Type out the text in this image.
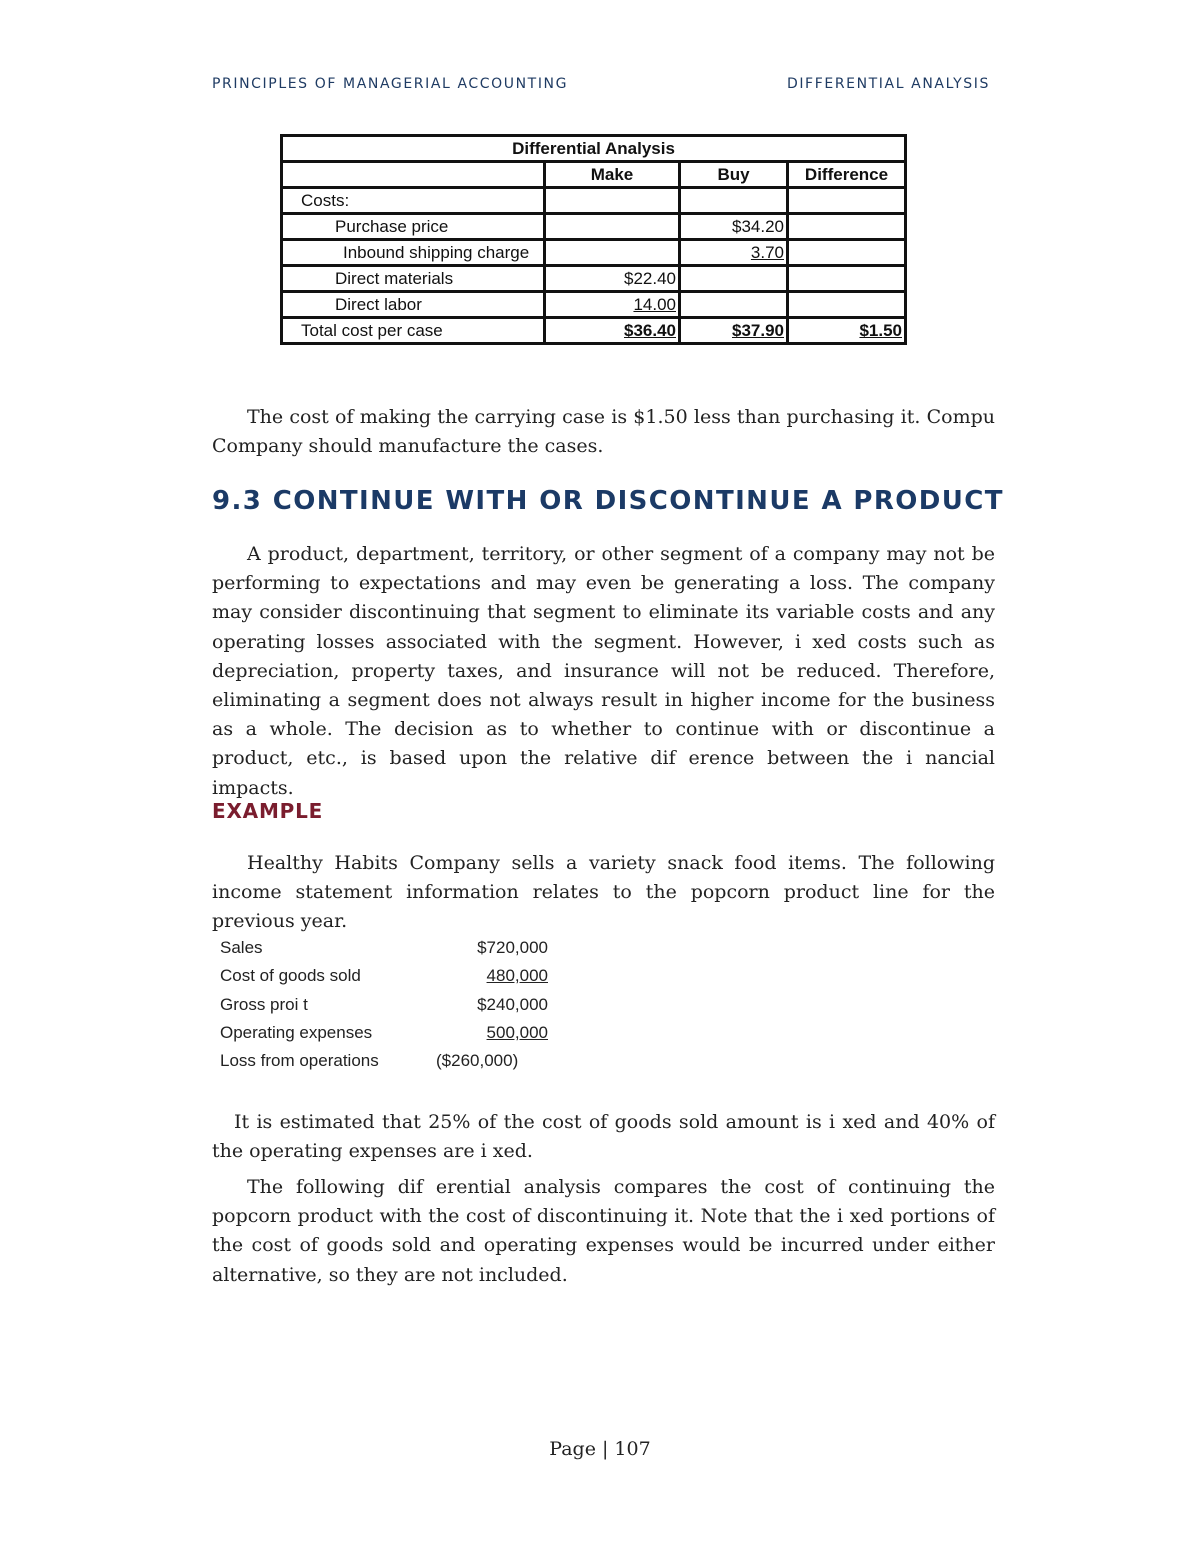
PRINCIPLES OF MANAGERIAL ACCOUNTING	DIFFERENTIAL ANALYSIS
Differential Analysis			
	Make	Buy	Difference
Costs:			
Purchase price		$34.20	
Inbound shipping charge		3.70	
Direct materials	$22.40		
Direct labor	14.00		
Total cost per case	$36.40	$37.90	$1.50

The cost of making the carrying case is $1.50 less than purchasing it. Compu Company should manufacture the cases.

9.3 CONTINUE WITH OR DISCONTINUE A PRODUCT

A product, department, territory, or other segment of a company may not be performing to expectations and may even be generating a loss. The company may consider discontinuing that segment to eliminate its variable costs and any operating losses associated with the segment. However, i xed costs such as depreciation, property taxes, and insurance will not be reduced. Therefore, eliminating a segment does not always result in higher income for the business as a whole. The decision as to whether to continue with or discontinue a product, etc., is based upon the relative dif erence between the i nancial impacts.

EXAMPLE

Healthy Habits Company sells a variety snack food items. The following income statement information relates to the popcorn product line for the previous year.

Sales	$720,000
Cost of goods sold	480,000
Gross proi t	$240,000
Operating expenses	500,000
Loss from operations	($260,000)

It is estimated that 25% of the cost of goods sold amount is i xed and 40% of the operating expenses are i xed.

The following dif erential analysis compares the cost of continuing the popcorn product with the cost of discontinuing it. Note that the i xed portions of the cost of goods sold and operating expenses would be incurred under either alternative, so they are not included.

Page | 107
